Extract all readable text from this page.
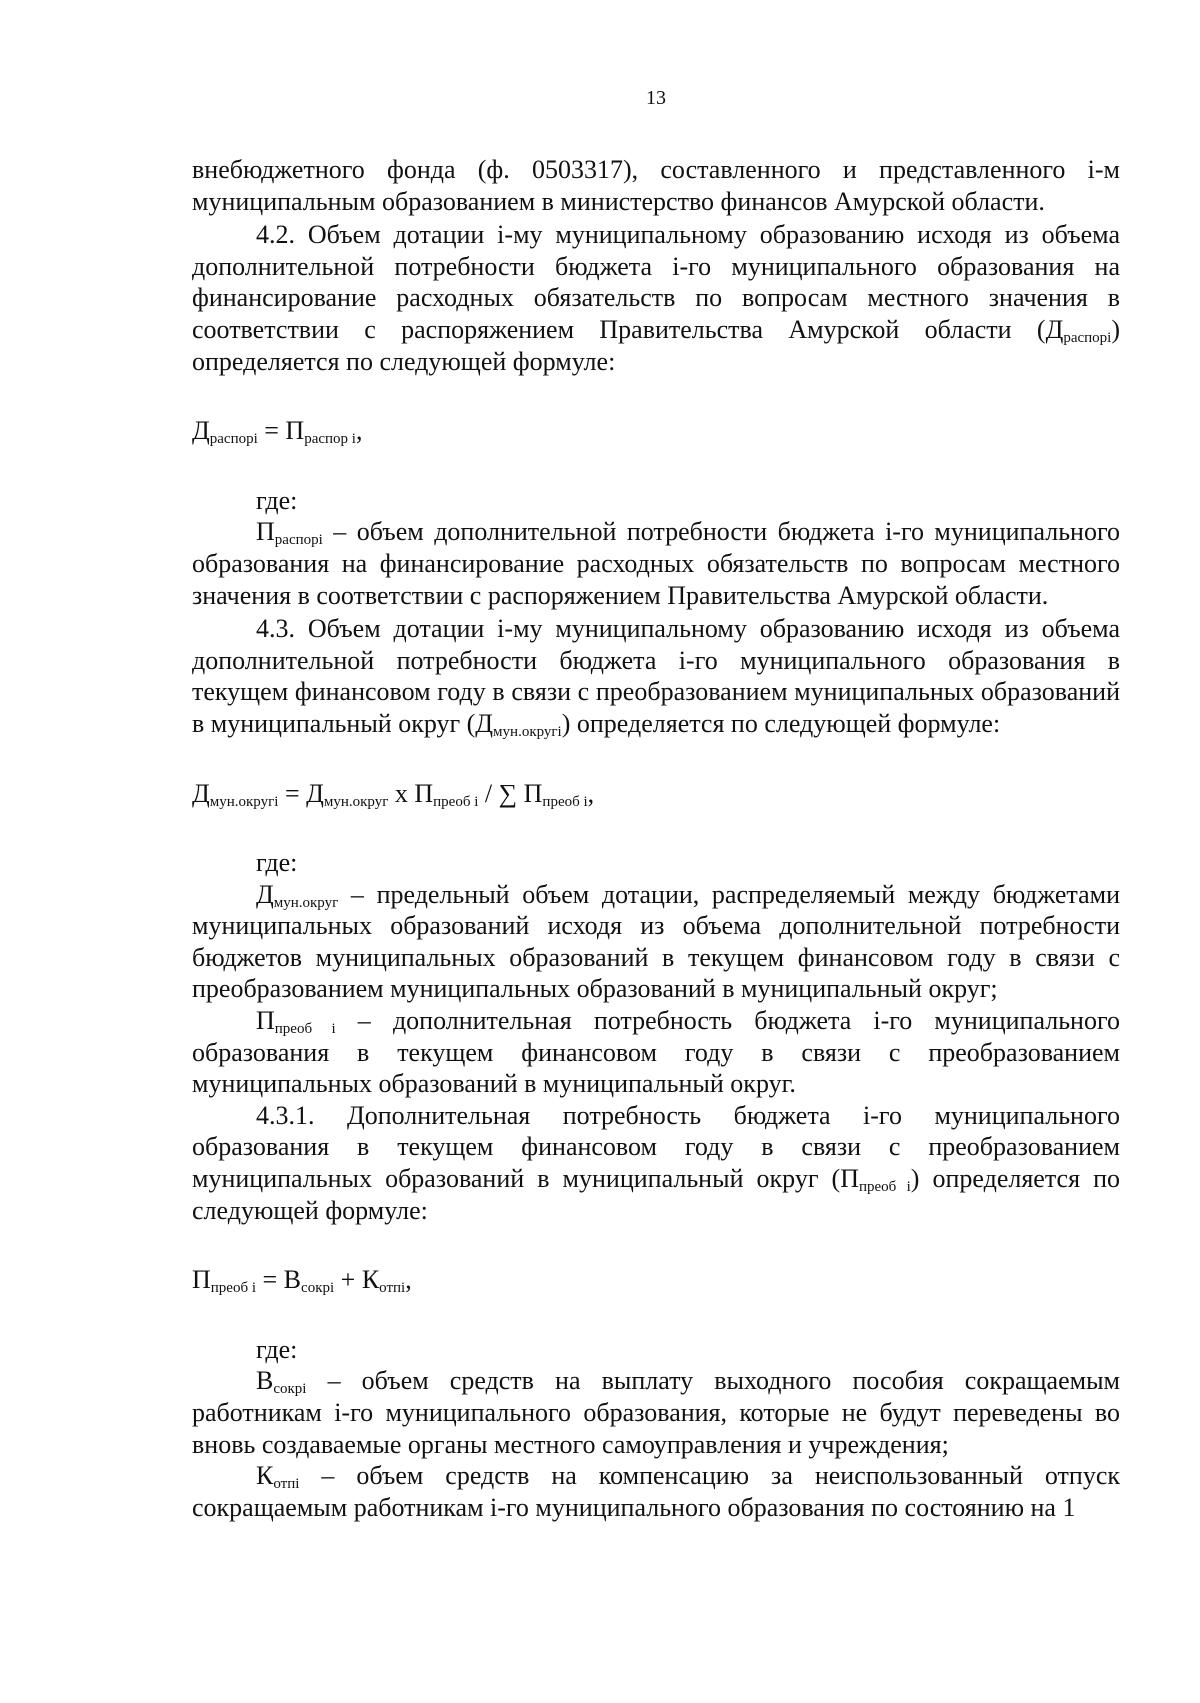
13

внебюджетного фонда (ф. 0503317), составленного и представленного i-м муниципальным образованием в министерство финансов Амурской области.

4.2. Объем дотации i-му муниципальному образованию исходя из объема дополнительной потребности бюджета i-го муниципального образования на финансирование расходных обязательств по вопросам местного значения в соответствии с распоряжением Правительства Амурской области $(Д_{распорi})$ определяется по следующей формуле:

$Д_{распорi} = П_{распор i}$,

где:

$П_{распорi}$ – объем дополнительной потребности бюджета i-го муниципального образования на финансирование расходных обязательств по вопросам местного значения в соответствии с распоряжением Правительства Амурской области.

4.3. Объем дотации i-му муниципальному образованию исходя из объема дополнительной потребности бюджета i-го муниципального образования в текущем финансовом году в связи с преобразованием муниципальных образований в муниципальный округ $(Д_{мун.округi})$ определяется по следующей формуле:

$Д_{мун.округi} = Д_{мун.округ}$ x $П_{преоб i}$ / ∑ $П_{преоб i}$,

где:

$Д_{мун.округ}$ – предельный объем дотации, распределяемый между бюджетами муниципальных образований исходя из объема дополнительной потребности бюджетов муниципальных образований в текущем финансовом году в связи с преобразованием муниципальных образований в муниципальный округ;

$П_{преоб i}$ – дополнительная потребность бюджета i-го муниципального образования в текущем финансовом году в связи с преобразованием муниципальных образований в муниципальный округ.

4.3.1. Дополнительная потребность бюджета i-го муниципального образования в текущем финансовом году в связи с преобразованием муниципальных образований в муниципальный округ $(П_{преоб i})$ определяется по следующей формуле:

$П_{преоб i} = В_{сокрi} + К_{отпi}$,

где:

$В_{сокрi}$ – объем средств на выплату выходного пособия сокращаемым работникам i-го муниципального образования, которые не будут переведены во вновь создаваемые органы местного самоуправления и учреждения;

$К_{отпi}$ – объем средств на компенсацию за неиспользованный отпуск сокращаемым работникам i-го муниципального образования по состоянию на 1
